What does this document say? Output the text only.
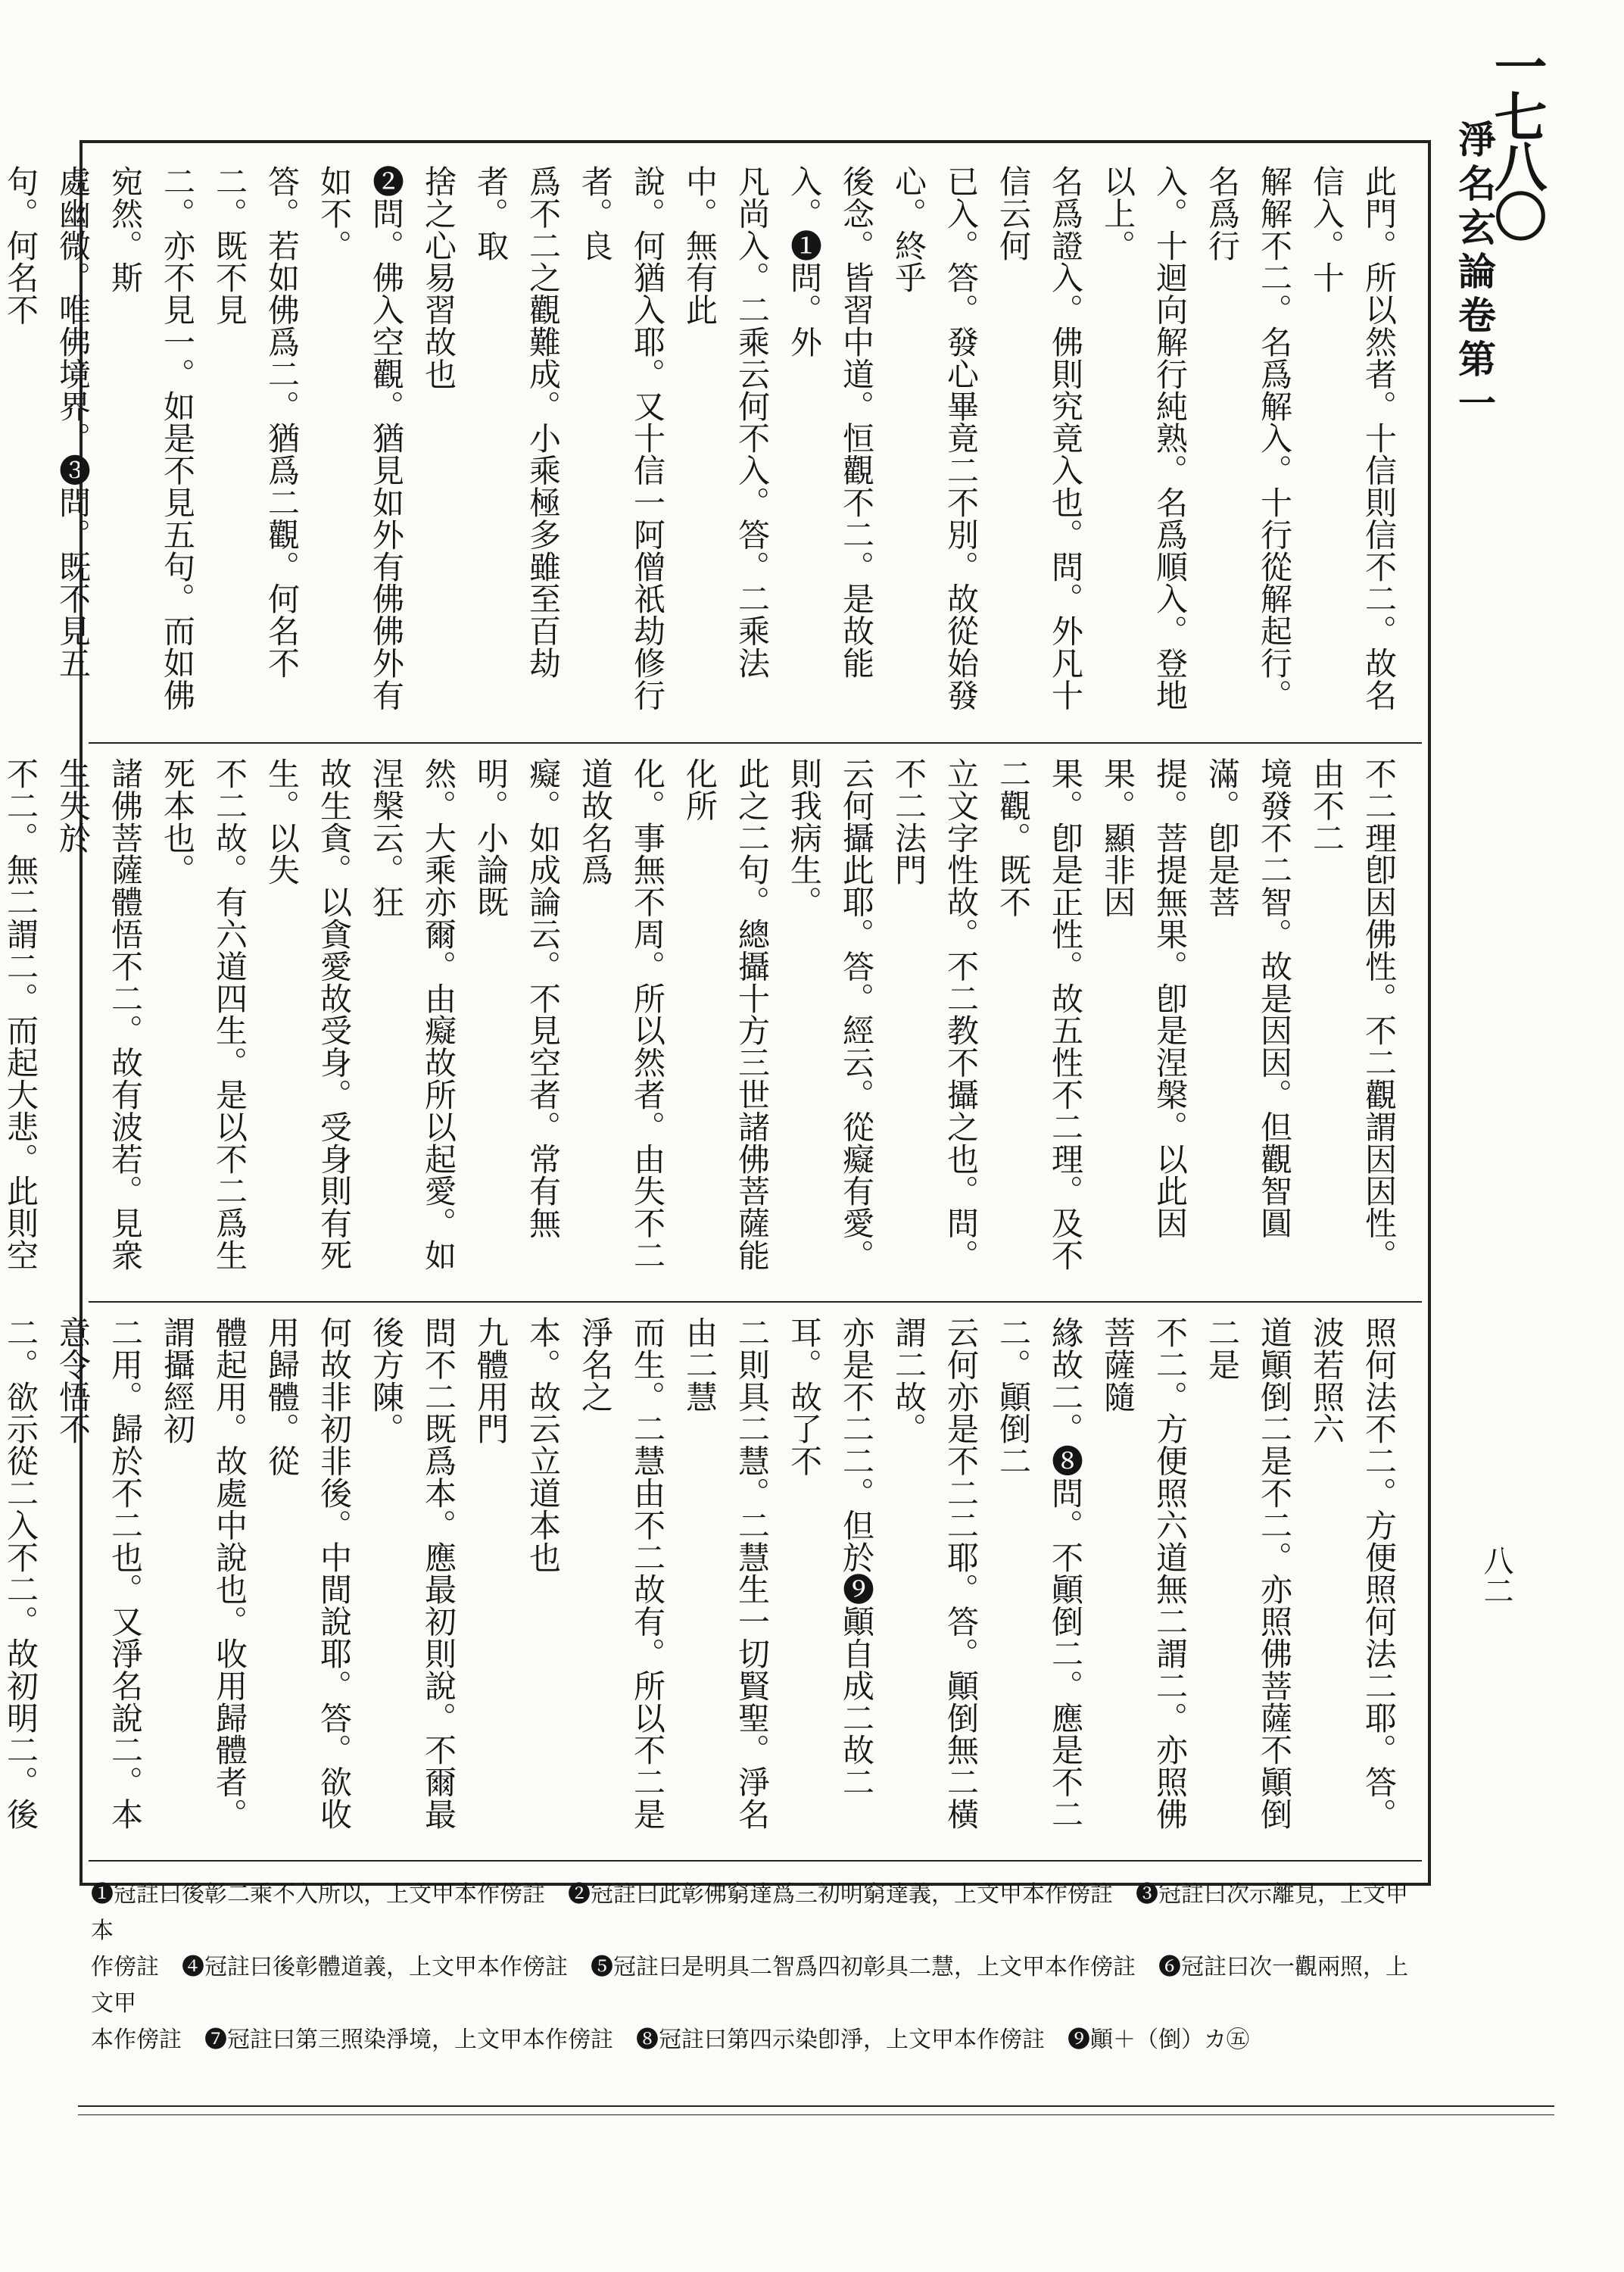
一七八〇
淨名玄論卷第一
八二

此門。所以然者。十信則信不二。故名信入。十

解解不二。名爲解入。十行從解起行。名爲行

入。十迴向解行純熟。名爲順入。登地以上。

名爲證入。佛則究竟入也。問。外凡十信云何

已入。答。發心畢竟二不別。故從始發心。終乎

後念。皆習中道。恒觀不二。是故能入。❶問。外

凡尚入。二乘云何不入。答。二乘法中。無有此

說。何猶入耶。又十信一阿僧祇劫修行者。良

爲不二之觀難成。小乘極多雖至百劫者。取

捨之心易習故也

❷問。佛入空觀。猶見如外有佛佛外有如不。

答。若如佛爲二。猶爲二觀。何名不二。既不見

二。亦不見一。如是不見五句。而如佛宛然。斯

處幽微。唯佛境界。❸問。既不見五句。何名不

不二理卽因佛性。不二觀謂因因性。由不二

境發不二智。故是因因。但觀智圓滿。卽是菩

提。菩提無果。卽是涅槃。以此因果。顯非因

果。卽是正性。故五性不二理。及不二觀。既不

立文字性故。不二教不攝之也。問。不二法門

云何攝此耶。答。經云。從癡有愛。則我病生。

此之二句。總攝十方三世諸佛菩薩能化所

化。事無不周。所以然者。由失不二道故名爲

癡。如成論云。不見空者。常有無明。小論既

然。大乘亦爾。由癡故所以起愛。如涅槃云。狂

故生貪。以貪愛故受身。受身則有死生。以失

不二故。有六道四生。是以不二爲生死本也。

諸佛菩薩體悟不二。故有波若。見衆生失於

不二。無二謂二。而起大悲。此則空

照何法不二。方便照何法二耶。答。波若照六

道顚倒二是不二。亦照佛菩薩不顚倒二是

不二。方便照六道無二謂二。亦照佛菩薩隨

緣故二。❽問。不顚倒二。應是不二二。顚倒二

云何亦是不二二耶。答。顚倒無二橫謂二故。

亦是不二二。但於❾顚自成二故二耳。故了不

二則具二慧。二慧生一切賢聖。淨名由二慧

而生。二慧由不二故有。所以不二是淨名之

本。故云立道本也

九體用門

問不二既爲本。應最初則說。不爾最後方陳。

何故非初非後。中間說耶。答。欲收用歸體。從

體起用。故處中說也。收用歸體者。謂攝經初

二用。歸於不二也。又淨名說二。本意令悟不

二。欲示從二入不二。故初明二。後

❶冠註曰後彰二乘不入所以，上文甲本作傍註　❷冠註曰此彰佛窮達爲三初明窮達義，上文甲本作傍註　❸冠註曰次示離見，上文甲本
作傍註　❹冠註曰後彰體道義，上文甲本作傍註　❺冠註曰是明具二智爲四初彰具二慧，上文甲本作傍註　❻冠註曰次一觀兩照，上文甲
本作傍註　❼冠註曰第三照染淨境，上文甲本作傍註　❽冠註曰第四示染卽淨，上文甲本作傍註　❾顚＋（倒）カ㊄
